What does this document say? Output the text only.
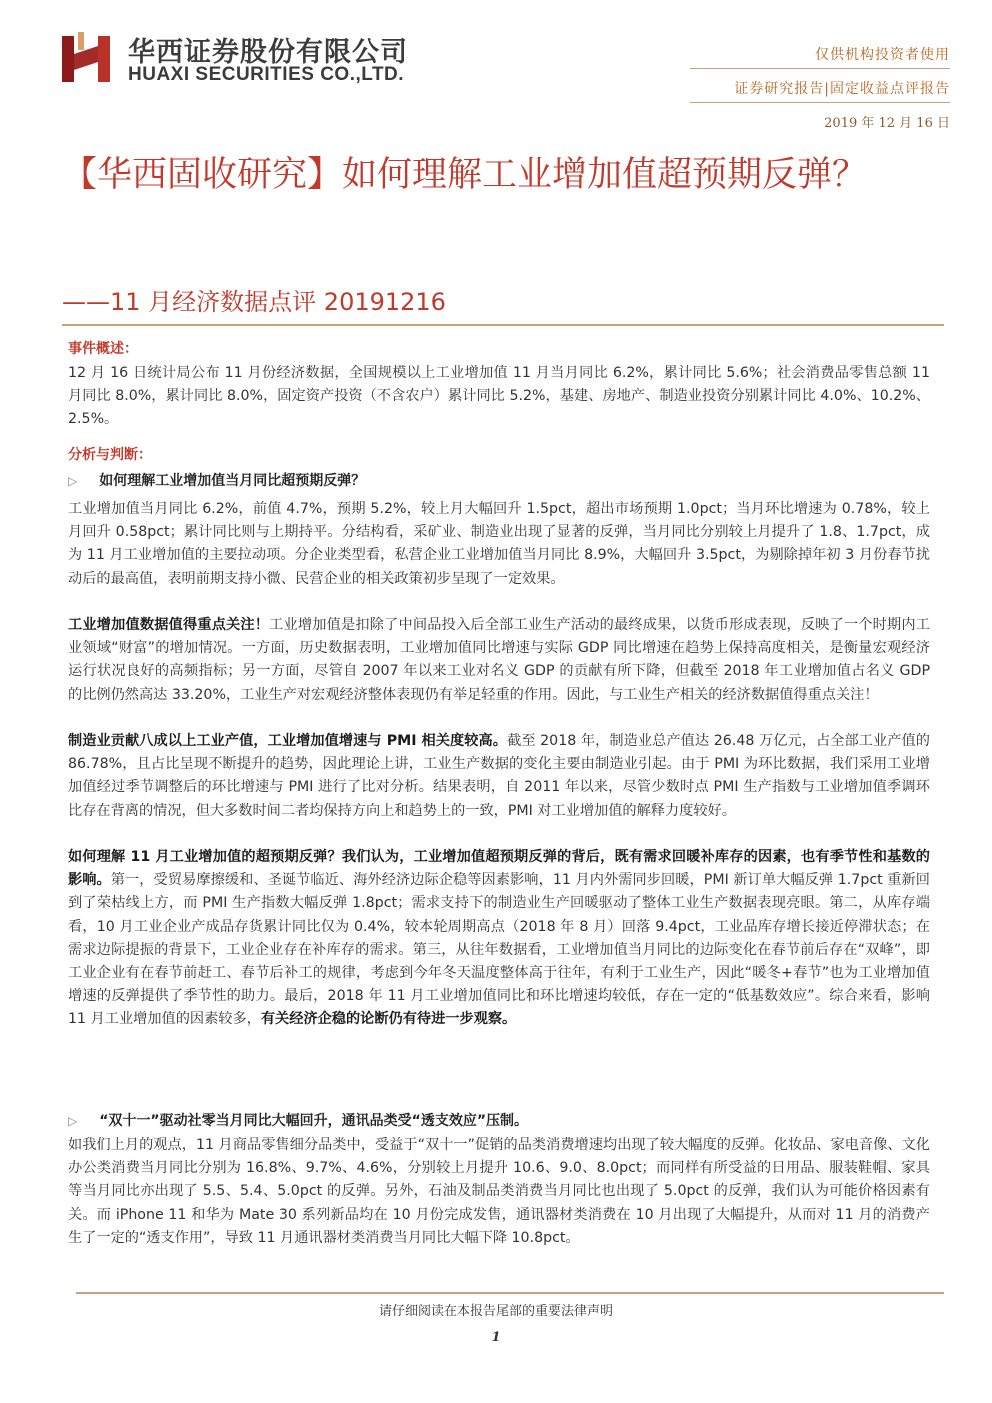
华西证券股份有限公司
HUAXI SECURITIES CO.,LTD.
仅供机构投资者使用
证券研究报告|固定收益点评报告
2019 年 12 月 16 日
【华西固收研究】如何理解工业增加值超预期反弹？
——11 月经济数据点评 20191216
事件概述：

12 月 16 日统计局公布 11 月份经济数据，全国规模以上工业增加值 11 月当月同比 6.2%，累计同比 5.6%；社会消费品零售总额 11 月同比 8.0%，累计同比 8.0%，固定资产投资（不含农户）累计同比 5.2%，基建、房地产、制造业投资分别累计同比 4.0%、10.2%、2.5%。

分析与判断：
▷ 如何理解工业增加值当月同比超预期反弹？

工业增加值当月同比 6.2%，前值 4.7%，预期 5.2%，较上月大幅回升 1.5pct，超出市场预期 1.0pct；当月环比增速为 0.78%，较上月回升 0.58pct；累计同比则与上期持平。分结构看，采矿业、制造业出现了显著的反弹，当月同比分别较上月提升了 1.8、1.7pct，成为 11 月工业增加值的主要拉动项。分企业类型看，私营企业工业增加值当月同比 8.9%，大幅回升 3.5pct，为剔除掉年初 3 月份春节扰动后的最高值，表明前期支持小微、民营企业的相关政策初步呈现了一定效果。

工业增加值数据值得重点关注！工业增加值是扣除了中间品投入后全部工业生产活动的最终成果，以货币形成表现，反映了一个时期内工业领域“财富”的增加情况。一方面，历史数据表明，工业增加值同比增速与实际 GDP 同比增速在趋势上保持高度相关，是衡量宏观经济运行状况良好的高频指标；另一方面，尽管自 2007 年以来工业对名义 GDP 的贡献有所下降，但截至 2018 年工业增加值占名义 GDP 的比例仍然高达 33.20%，工业生产对宏观经济整体表现仍有举足轻重的作用。因此，与工业生产相关的经济数据值得重点关注！

制造业贡献八成以上工业产值，工业增加值增速与 PMI 相关度较高。截至 2018 年，制造业总产值达 26.48 万亿元，占全部工业产值的 86.78%，且占比呈现不断提升的趋势，因此理论上讲，工业生产数据的变化主要由制造业引起。由于 PMI 为环比数据，我们采用工业增加值经过季节调整后的环比增速与 PMI 进行了比对分析。结果表明，自 2011 年以来，尽管少数时点 PMI 生产指数与工业增加值季调环比存在背离的情况，但大多数时间二者均保持方向上和趋势上的一致，PMI 对工业增加值的解释力度较好。

如何理解 11 月工业增加值的超预期反弹？我们认为，工业增加值超预期反弹的背后，既有需求回暖补库存的因素，也有季节性和基数的影响。第一，受贸易摩擦缓和、圣诞节临近、海外经济边际企稳等因素影响，11 月内外需同步回暖，PMI 新订单大幅反弹 1.7pct 重新回到了荣枯线上方，而 PMI 生产指数大幅反弹 1.8pct；需求支持下的制造业生产回暖驱动了整体工业生产数据表现亮眼。第二，从库存端看，10 月工业企业产成品存货累计同比仅为 0.4%，较本轮周期高点（2018 年 8 月）回落 9.4pct，工业品库存增长接近停滞状态；在需求边际提振的背景下，工业企业存在补库存的需求。第三，从往年数据看，工业增加值当月同比的边际变化在春节前后存在“双峰”，即工业企业有在春节前赶工、春节后补工的规律，考虑到今年冬天温度整体高于往年，有利于工业生产，因此“暖冬+春节”也为工业增加值增速的反弹提供了季节性的助力。最后，2018 年 11 月工业增加值同比和环比增速均较低，存在一定的“低基数效应”。综合来看，影响 11 月工业增加值的因素较多，有关经济企稳的论断仍有待进一步观察。

▷ “双十一”驱动社零当月同比大幅回升，通讯品类受“透支效应”压制。

如我们上月的观点，11 月商品零售细分品类中，受益于“双十一”促销的品类消费增速均出现了较大幅度的反弹。化妆品、家电音像、文化办公类消费当月同比分别为 16.8%、9.7%、4.6%，分别较上月提升 10.6、9.0、8.0pct；而同样有所受益的日用品、服装鞋帽、家具等当月同比亦出现了 5.5、5.4、5.0pct 的反弹。另外，石油及制品类消费当月同比也出现了 5.0pct 的反弹，我们认为可能价格因素有关。而 iPhone 11 和华为 Mate 30 系列新品均在 10 月份完成发售，通讯器材类消费在 10 月出现了大幅提升，从而对 11 月的消费产生了一定的“透支作用”，导致 11 月通讯器材类消费当月同比大幅下降 10.8pct。

请仔细阅读在本报告尾部的重要法律声明
1
